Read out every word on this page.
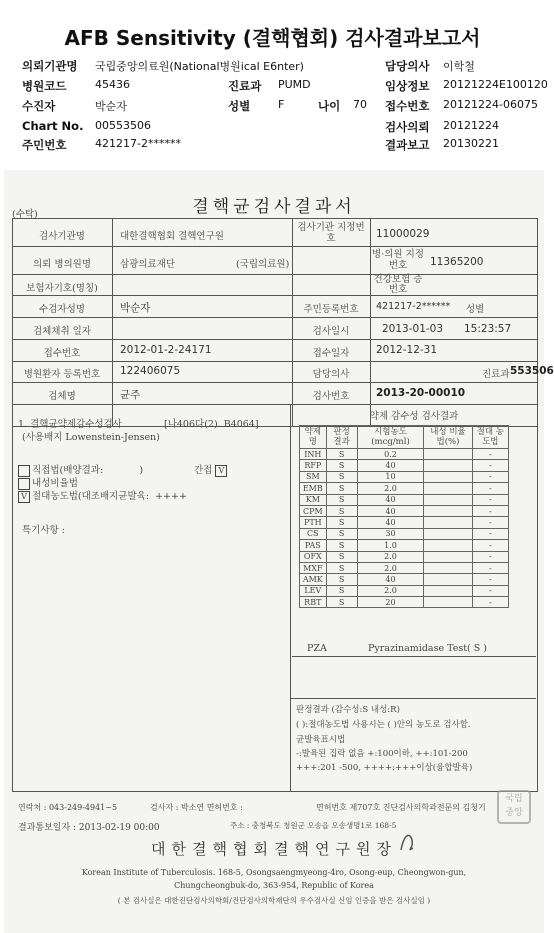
AFB Sensitivity (결핵협회) 검사결과보고서
의뢰기관명 국립중앙의료원(National병원ical E6nter)	담당의사 이학철
병원코드	45436	진료과 PUMD	임상정보 20121224E100120
수진자	박순자	성별	F	나이 70 접수번호 20121224-06075
Chart No. 00553506	검사의뢰 20121224
주민번호	421217-2******	결과보고 20130221
(수탁)	결핵균검사결과서
검사기관명	대한결핵협회 결핵연구원
검사기관 지정번호	11000029
의뢰 병의원명	삼광의료재단	(국립의료원)
병·의원 지정번호	11365200
보험자기호(명칭)
건강보험 증번호
수검자성명	박순자	주민등록번호	421217-2****** 성별
검체채취 일자	검사일시	2013-01-03 15:23:57
접수번호	2012-01-2-24171	접수일자	2012-12-31
병원환자 등록번호	122406075	담당의사	진료과 553506
검체명	균주	검사번호	2013-20-00010
1. 결핵균약제감수성검사	[나406다(2). B4064]
(사용배지 Lowenstein-Jensen)
직접법(배양결과:            )	간접 V
내성비율법
V 절대농도법(대조배지균발육: ++++
특기사항 :
약제 감수성 검사결과
약제명	판정 결과	시험농도 (mcg/ml)	내성 비율법(%)	절대 농도법
INH	S	0.2		-
RFP	S	40		-
SM	S	10		-
EMB	S	2.0		-
KM	S	40		-
CPM	S	40		-
PTH	S	40		-
CS	S	30		-
PAS	S	1.0		-
OFX	S	2.0		-
MXF	S	2.0		-
AMK	S	40		-
LEV	S	2.0		-
RBT	S	20		-
PZA	Pyrazinamidase Test( S )
판정결과 (감수성:S 내성:R)
( ):절대농도법 사용시는 ( )안의 농도로 검사함.
균발육표시법
-:발육된 집락 없음 +:100이하, ++:101-200
+++:201 -500, ++++:+++이상(융합발육)
연락처 : 043-249-4941~5	검사자 : 박소연 면허번호 :	면허번호 제707호 진단검사의학과전문의 김청기
결과통보일자 : 2013-02-19 00:00	주소 : 충청북도 청원군 오송읍 오송생명1로 168-5
대한결핵협회결핵연구원장
Korean Institute of Tuberculosis. 168-5, Osongsaengmyeong-4ro, Osong-eup, Cheongwon-gun,
Chungcheongbuk-do, 363-954, Republic of Korea
( 본 검사실은 대한진단검사의학회/진단검사의학재단의 우수검사실 신임 인증을 받은 검사실임 )
국립
중앙
